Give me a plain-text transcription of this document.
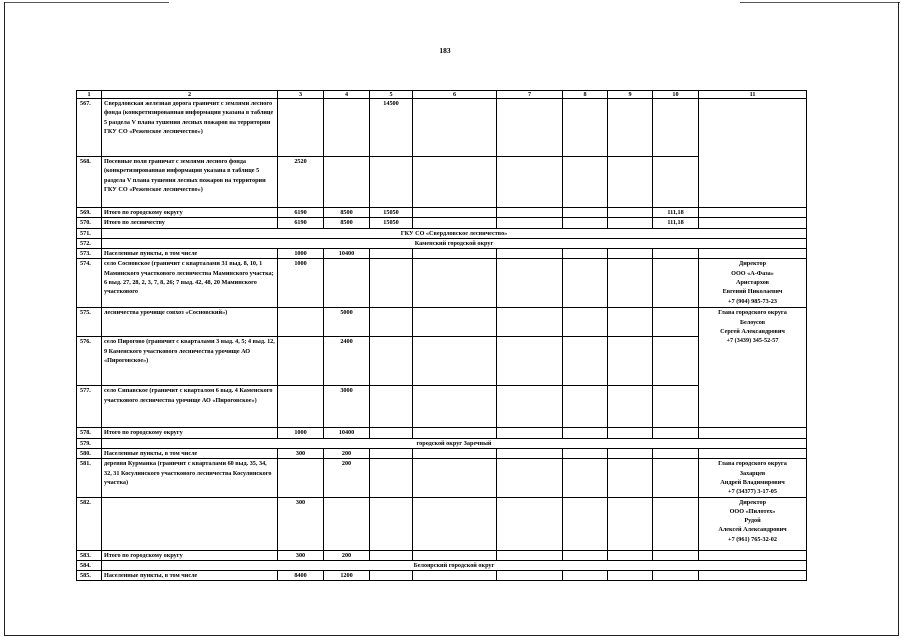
183
1	2	3	4	5	6	7	8	9	10	11
567.	Свердловская железная дорога граничит с землями лесного фонда (конкретизированная информация указана в таблице 5 раздела V плана тушения лесных пожаров на территории ГКУ СО «Режевское лесничество»)			14500						
568.	Посевные поля граничат с землями лесного фонда (конкретизированная информация указана в таблице 5 раздела V плана тушения лесных пожаров на территории ГКУ СО «Режевское лесничество»)	2520								
569.	Итого по городскому округу	6190	8500	15050					111,18	
570.	Итого по лесничеству	6190	8500	15050					111,18	
571.	ГКУ СО «Свердловское лесничество»									
572.	Каменский городской округ									
573.	Населенные пункты, в том числе	1000	10400							
574.	село Сосновское (граничит с кварталами 31 выд. 8, 10, 1 Маминского участкового лесничества Маминского участка; 6 выд. 27, 28, 2, 3, 7, 8, 26; 7 выд. 42, 48, 20 Маминского участкового	1000								Директор
ООО «А-Фаза»
Аристархов
Евгений Николаевич
+7 (904) 985-73-23

575.	лесничества урочище совхоз «Сосновский»)		5000							Глава городского округа
Белоусов
Сергей Александрович
+7 (3439) 345-52-57

576.	село Пирогово (граничит с кварталами 3 выд. 4, 5; 4 выд. 12, 9 Каменского участкового лесничества урочище АО «Пироговское»)		2400							
577.	село Сипавское (граничит с кварталом 6 выд. 4 Каменского участкового лесничества урочище АО «Пироговское»)		3000							
578.	Итого по городскому округу	1000	10400							
579.	городской округ Заречный									
580.	Населенные пункты, в том числе	300	200							
581.	деревня Курманка (граничит с кварталами 60 выд. 35, 34, 32, 31 Косулинского участкового лесничества Косулинского участка)		200							Глава городского округа
Захарцев
Андрей Владимирович
+7 (34377) 3-17-05

582.		300								Директор
ООО «Пилотех»
Рудой
Алексей Александрович
+7 (961) 765-32-02

583.	Итого по городскому округу	300	200							
584.	Белоярский городской округ									
585.	Населенные пункты, в том числе	8400	1200							
